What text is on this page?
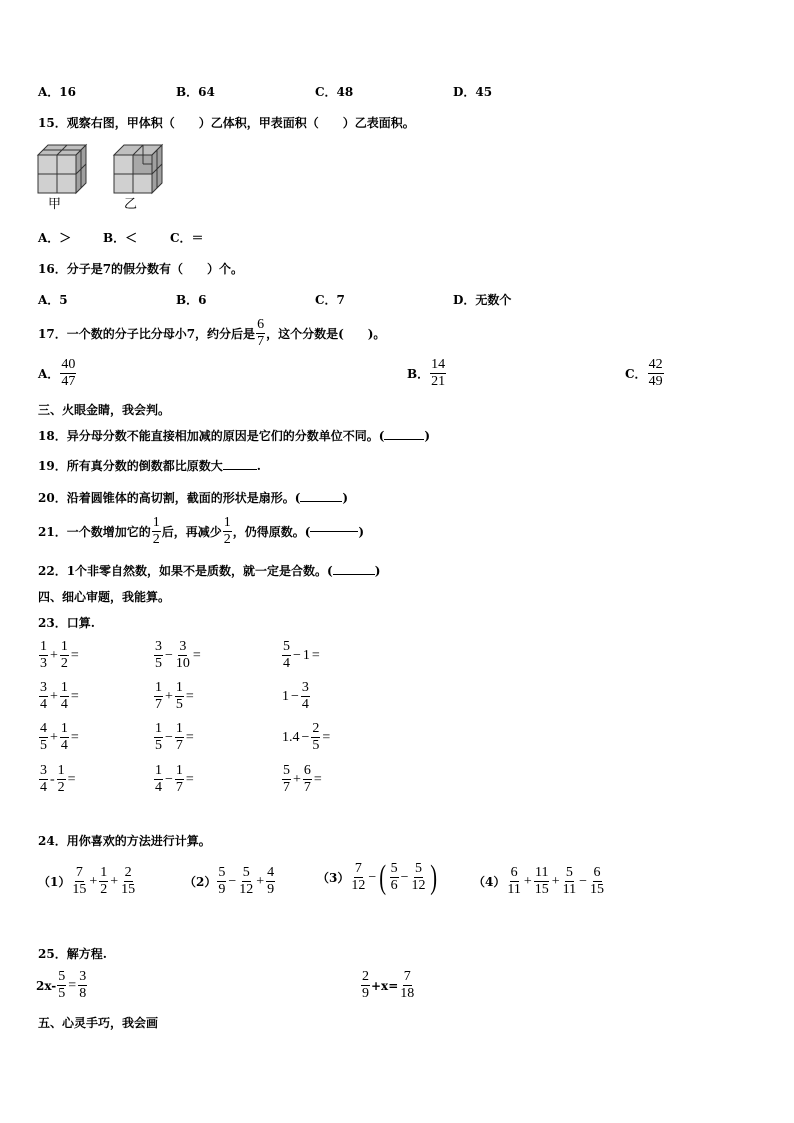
A．16	B．64	C．48	D．45
15．观察右图，甲体积（　　）乙体积，甲表面积（　　）乙表面积。
甲	乙
A．＞	B．＜	C．＝
16．分子是7的假分数有（　　）个。
A．5	B．6	C．7	D．无数个
17．一个数的分子比分母小7，约分后是 $\frac{6}{7}$ ，这个分数是(　　)。
A． $\frac{40}{47}$	B． $\frac{14}{21}$	C． $\frac{42}{49}$
三、火眼金睛，我会判。
18．异分母分数不能直接相加减的原因是它们的分数单位不同。(	)
19．所有真分数的倒数都比原数大	.
20．沿着圆锥体的高切割，截面的形状是扇形。(	)
21．一个数增加它的 $\frac{1}{2}$ 后，再减少 $\frac{1}{2}$ ，仍得原数。(	)
22．1个非零自然数，如果不是质数，就一定是合数。(	)
四、细心审题，我能算。
23．口算.
$\frac{1}{3} + \frac{1}{2}$ =	$\frac{3}{5} - \frac{3}{10}$ =	$\frac{5}{4} - 1$ =
$\frac{3}{4} + \frac{1}{4}$ =	$\frac{1}{7} + \frac{1}{5}$ =	$1 - \frac{3}{4}$
$\frac{4}{5} + \frac{1}{4}$ =	$\frac{1}{5} - \frac{1}{7}$ =	$1.4 - \frac{2}{5}$ =
$\frac{3}{4} - \frac{1}{2}$ =	$\frac{1}{4} - \frac{1}{7}$ =	$\frac{5}{7} + \frac{6}{7}$ =
24．用你喜欢的方法进行计算。
$(1) \frac{7}{15} + \frac{1}{2} + \frac{2}{15}$	$(2) \frac{5}{9} - \frac{5}{12} + \frac{4}{9}$	$(3) \frac{7}{12}$ − ( $\frac{5}{6} - \frac{5}{12}$ )	$(4) \frac{6}{11} + \frac{11}{15} + \frac{5}{11} - \frac{6}{15}$
25．解方程.
$2x- \frac{5}{5} = \frac{3}{8}$	$\frac{2}{9} +x= \frac{7}{18}$
五、心灵手巧，我会画
